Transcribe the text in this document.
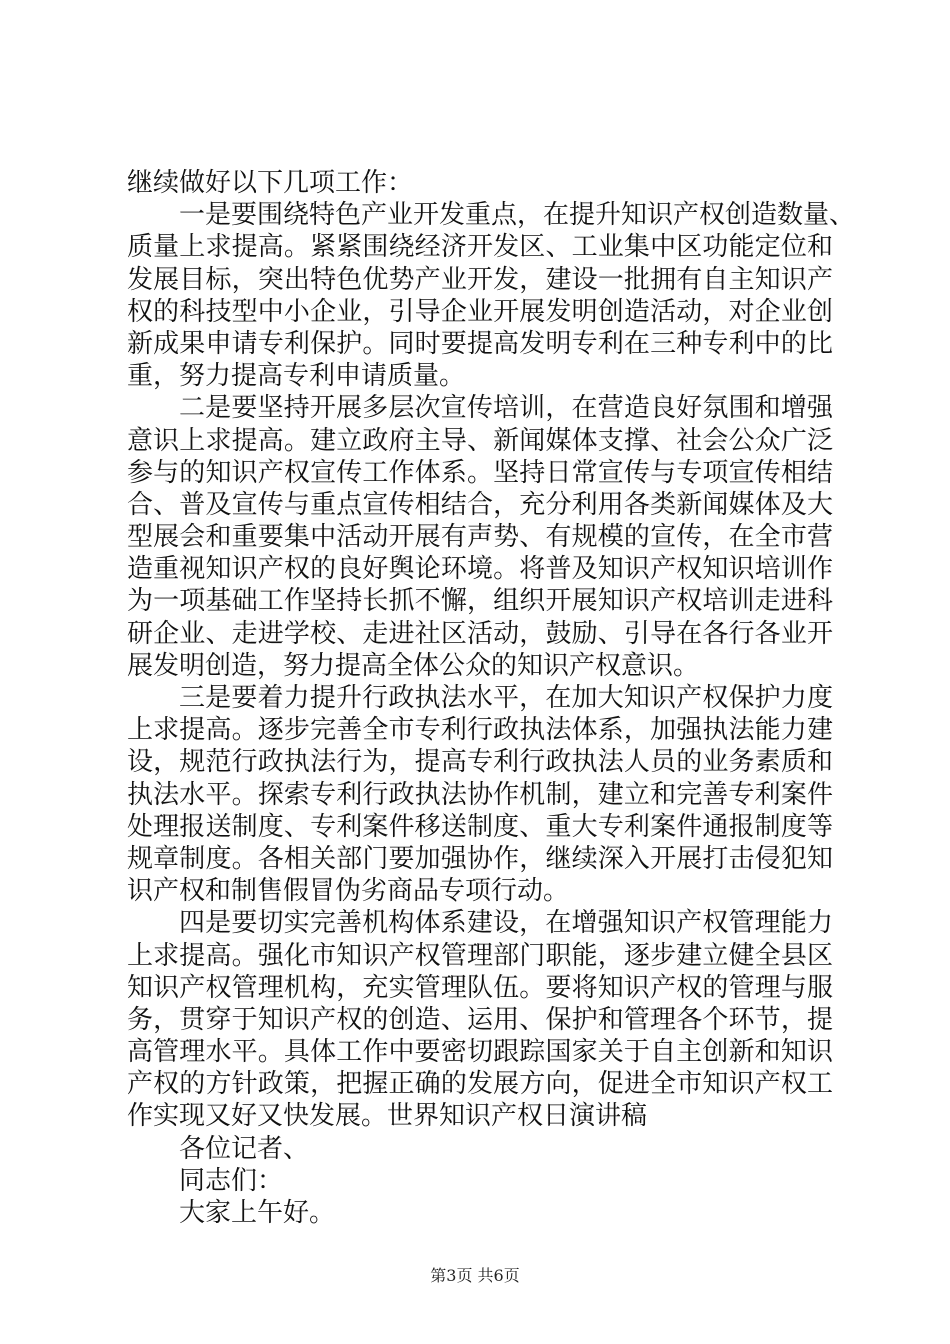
继续做好以下几项工作：
一是要围绕特色产业开发重点，在提升知识产权创造数量、
质量上求提高。紧紧围绕经济开发区、工业集中区功能定位和
发展目标，突出特色优势产业开发，建设一批拥有自主知识产
权的科技型中小企业，引导企业开展发明创造活动，对企业创
新成果申请专利保护。同时要提高发明专利在三种专利中的比
重，努力提高专利申请质量。
二是要坚持开展多层次宣传培训，在营造良好氛围和增强
意识上求提高。建立政府主导、新闻媒体支撑、社会公众广泛
参与的知识产权宣传工作体系。坚持日常宣传与专项宣传相结
合、普及宣传与重点宣传相结合，充分利用各类新闻媒体及大
型展会和重要集中活动开展有声势、有规模的宣传，在全市营
造重视知识产权的良好舆论环境。将普及知识产权知识培训作
为一项基础工作坚持长抓不懈，组织开展知识产权培训走进科
研企业、走进学校、走进社区活动，鼓励、引导在各行各业开
展发明创造，努力提高全体公众的知识产权意识。
三是要着力提升行政执法水平，在加大知识产权保护力度
上求提高。逐步完善全市专利行政执法体系，加强执法能力建
设，规范行政执法行为，提高专利行政执法人员的业务素质和
执法水平。探索专利行政执法协作机制，建立和完善专利案件
处理报送制度、专利案件移送制度、重大专利案件通报制度等
规章制度。各相关部门要加强协作，继续深入开展打击侵犯知
识产权和制售假冒伪劣商品专项行动。
四是要切实完善机构体系建设，在增强知识产权管理能力
上求提高。强化市知识产权管理部门职能，逐步建立健全县区
知识产权管理机构，充实管理队伍。要将知识产权的管理与服
务，贯穿于知识产权的创造、运用、保护和管理各个环节，提
高管理水平。具体工作中要密切跟踪国家关于自主创新和知识
产权的方针政策，把握正确的发展方向，促进全市知识产权工
作实现又好又快发展。世界知识产权日演讲稿
各位记者、
同志们：
大家上午好。
第3页 共6页
